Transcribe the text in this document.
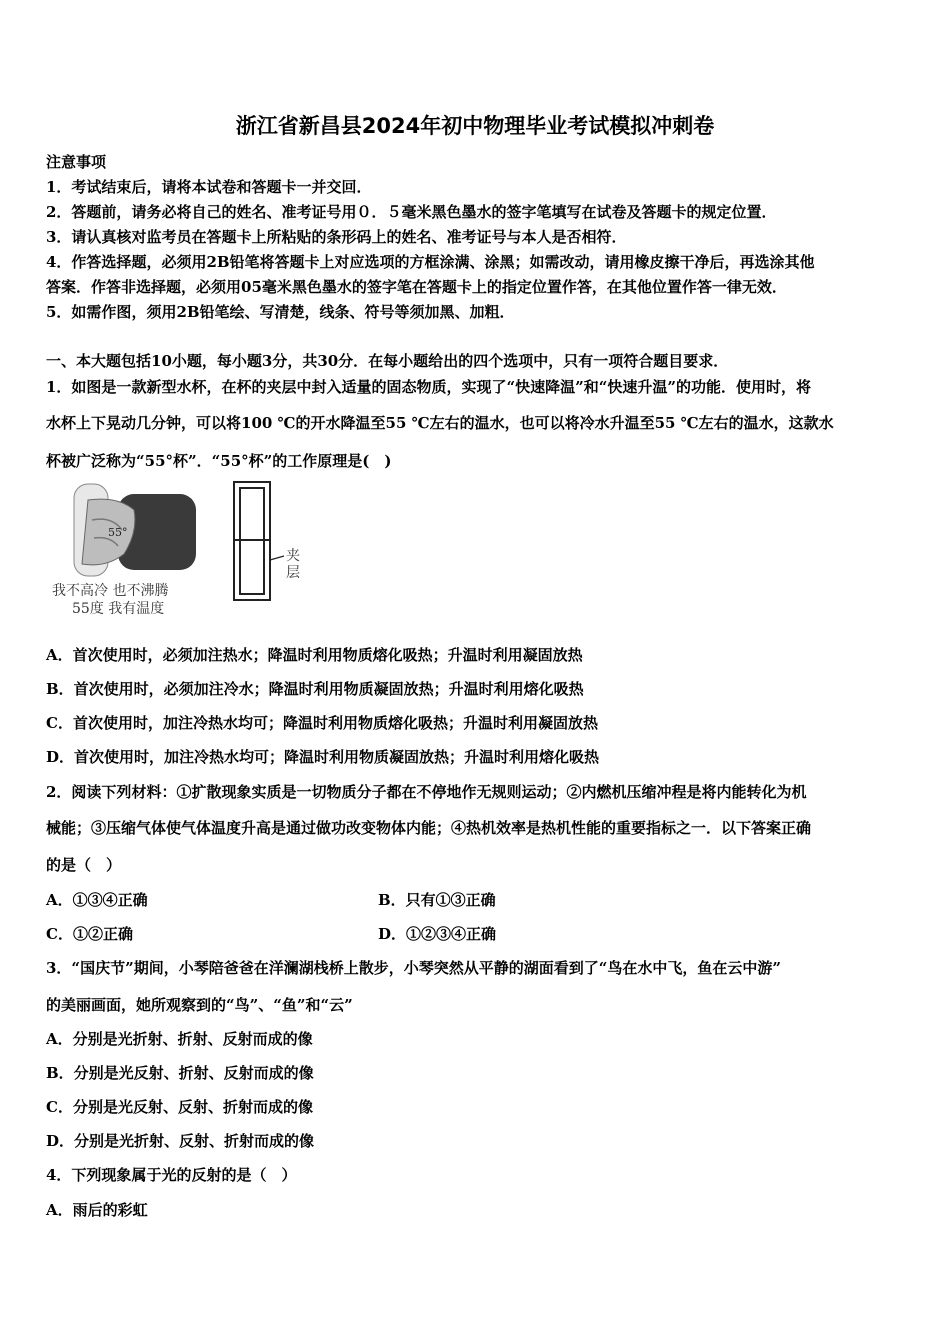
浙江省新昌县2024年初中物理毕业考试模拟冲刺卷
注意事项
1．考试结束后，请将本试卷和答题卡一并交回．
2．答题前，请务必将自己的姓名、准考证号用０．５毫米黑色墨水的签字笔填写在试卷及答题卡的规定位置．
3．请认真核对监考员在答题卡上所粘贴的条形码上的姓名、准考证号与本人是否相符．
4．作答选择题，必须用2B铅笔将答题卡上对应选项的方框涂满、涂黑；如需改动，请用橡皮擦干净后，再选涂其他
答案．作答非选择题，必须用05毫米黑色墨水的签字笔在答题卡上的指定位置作答，在其他位置作答一律无效．
5．如需作图，须用2B铅笔绘、写清楚，线条、符号等须加黑、加粗．
一、本大题包括10小题，每小题3分，共30分．在每小题给出的四个选项中，只有一项符合题目要求．
1．如图是一款新型水杯，在杯的夹层中封入适量的固态物质，实现了“快速降温”和“快速升温”的功能．使用时，将
水杯上下晃动几分钟，可以将100 ℃的开水降温至55 ℃左右的温水，也可以将冷水升温至55 ℃左右的温水，这款水
杯被广泛称为“55°杯”．“55°杯”的工作原理是(　)
55°
我不高冷 也不沸腾
55度 我有温度
夹
层
A．首次使用时，必须加注热水；降温时利用物质熔化吸热；升温时利用凝固放热
B．首次使用时，必须加注冷水；降温时利用物质凝固放热；升温时利用熔化吸热
C．首次使用时，加注冷热水均可；降温时利用物质熔化吸热；升温时利用凝固放热
D．首次使用时，加注冷热水均可；降温时利用物质凝固放热；升温时利用熔化吸热
2．阅读下列材料：①扩散现象实质是一切物质分子都在不停地作无规则运动；②内燃机压缩冲程是将内能转化为机
械能；③压缩气体使气体温度升高是通过做功改变物体内能；④热机效率是热机性能的重要指标之一．以下答案正确
的是（　）
A．①③④正确	B．只有①③正确
C．①②正确	D．①②③④正确
3．“国庆节”期间，小琴陪爸爸在洋澜湖栈桥上散步，小琴突然从平静的湖面看到了“鸟在水中飞，鱼在云中游”
的美丽画面，她所观察到的“鸟”、“鱼”和“云”
A．分别是光折射、折射、反射而成的像
B．分别是光反射、折射、反射而成的像
C．分别是光反射、反射、折射而成的像
D．分别是光折射、反射、折射而成的像
4．下列现象属于光的反射的是（　）
A．雨后的彩虹
